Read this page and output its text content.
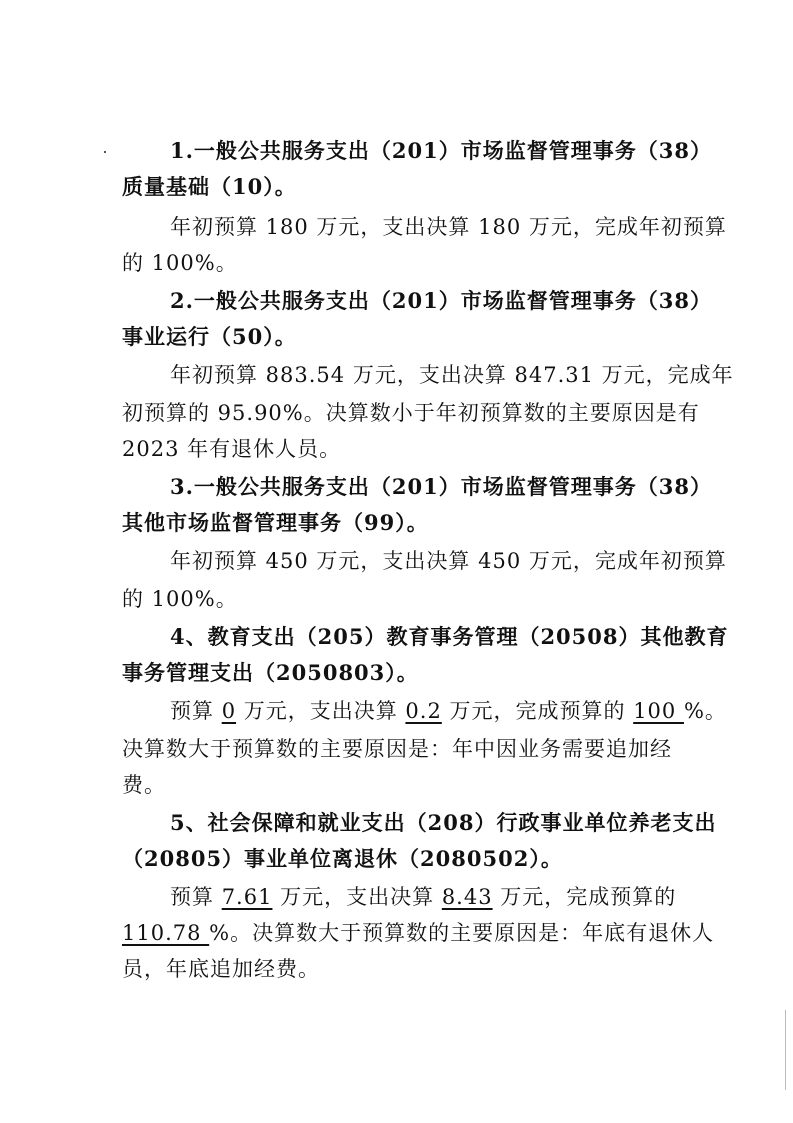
1.一般公共服务支出（201）市场监督管理事务（38）
质量基础（10）。
年初预算 180 万元，支出决算 180 万元，完成年初预算
的 100%。
2.一般公共服务支出（201）市场监督管理事务（38）
事业运行（50）。
年初预算 883.54 万元，支出决算 847.31 万元，完成年
初预算的 95.90%。决算数小于年初预算数的主要原因是有
2023 年有退休人员。
3.一般公共服务支出（201）市场监督管理事务（38）
其他市场监督管理事务（99）。
年初预算 450 万元，支出决算 450 万元，完成年初预算
的 100%。
4、教育支出（205）教育事务管理（20508）其他教育
事务管理支出（2050803）。
预算 0 万元，支出决算 0.2 万元，完成预算的 100 %。
决算数大于预算数的主要原因是：年中因业务需要追加经
费。
5、社会保障和就业支出（208）行政事业单位养老支出
（20805）事业单位离退休（2080502）。
预算 7.61 万元，支出决算 8.43 万元，完成预算的
110.78 %。决算数大于预算数的主要原因是：年底有退休人
员，年底追加经费。
